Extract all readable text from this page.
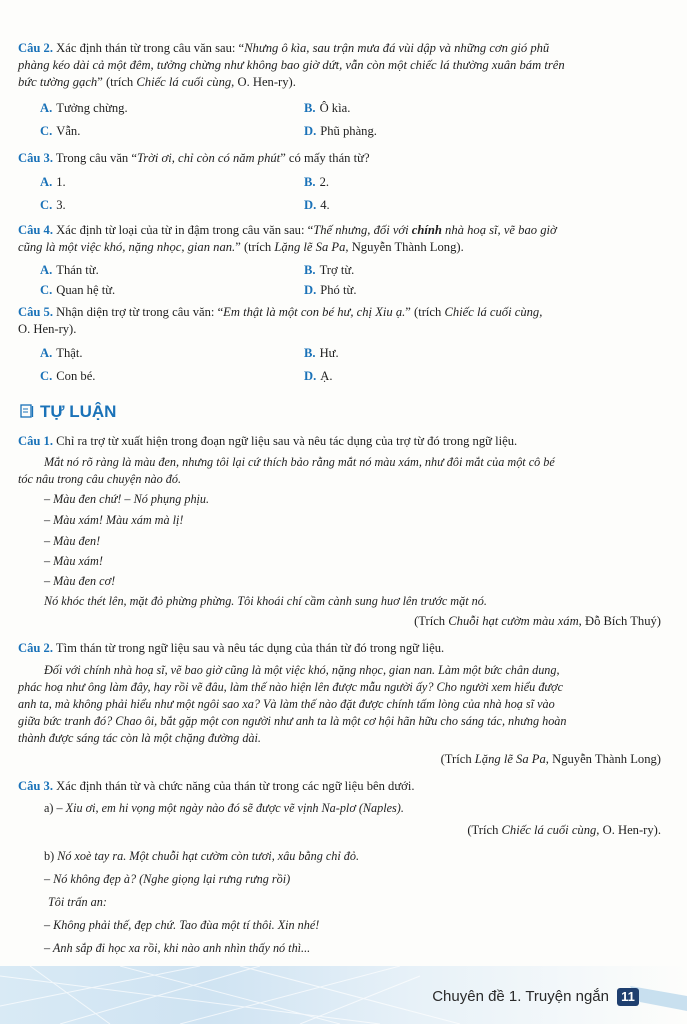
Câu 2. Xác định thán từ trong câu văn sau: “Nhưng ô kìa, sau trận mưa đá vùi dập và những cơn gió phũ
phàng kéo dài cả một đêm, tưởng chừng như không bao giờ dứt, vẫn còn một chiếc lá thường xuân bám trên
bức tường gạch” (trích Chiếc lá cuối cùng, O. Hen-ry).
A. Tưởng chừng.	B. Ô kìa.
C. Vẫn.	D. Phũ phàng.
Câu 3. Trong câu văn “Trời ơi, chỉ còn có năm phút” có mấy thán từ?
A. 1.	B. 2.
C. 3.	D. 4.
Câu 4. Xác định từ loại của từ in đậm trong câu văn sau: “Thế nhưng, đối với chính nhà hoạ sĩ, vẽ bao giờ
cũng là một việc khó, nặng nhọc, gian nan.” (trích Lặng lẽ Sa Pa, Nguyễn Thành Long).
A. Thán từ.	B. Trợ từ.
C. Quan hệ từ.	D. Phó từ.
Câu 5. Nhận diện trợ từ trong câu văn: “Em thật là một con bé hư, chị Xiu ạ.” (trích Chiếc lá cuối cùng,
O. Hen-ry).
A. Thật.	B. Hư.
C. Con bé.	D. Ạ.
TỰ LUẬN
Câu 1. Chỉ ra trợ từ xuất hiện trong đoạn ngữ liệu sau và nêu tác dụng của trợ từ đó trong ngữ liệu.
Mắt nó rõ ràng là màu đen, nhưng tôi lại cứ thích bảo rằng mắt nó màu xám, như đôi mắt của một cô bé
tóc nâu trong câu chuyện nào đó.
– Màu đen chứ! – Nó phụng phịu.
– Màu xám! Màu xám mà lị!
– Màu đen!
– Màu xám!
– Màu đen cơ!
Nó khóc thét lên, mặt đỏ phừng phừng. Tôi khoái chí cầm cành sung huơ lên trước mặt nó.
(Trích Chuỗi hạt cườm màu xám, Đỗ Bích Thuý)
Câu 2. Tìm thán từ trong ngữ liệu sau và nêu tác dụng của thán từ đó trong ngữ liệu.
Đối với chính nhà hoạ sĩ, vẽ bao giờ cũng là một việc khó, nặng nhọc, gian nan. Làm một bức chân dung,
phác hoạ như ông làm đây, hay rồi vẽ đâu, làm thế nào hiện lên được mẫu người ấy? Cho người xem hiểu được
anh ta, mà không phải hiểu như một ngôi sao xa? Và làm thế nào đặt được chính tấm lòng của nhà hoạ sĩ vào
giữa bức tranh đó? Chao ôi, bắt gặp một con người như anh ta là một cơ hội hãn hữu cho sáng tác, nhưng hoàn
thành được sáng tác còn là một chặng đường dài.
(Trích Lặng lẽ Sa Pa, Nguyễn Thành Long)
Câu 3. Xác định thán từ và chức năng của thán từ trong các ngữ liệu bên dưới.
a) – Xiu ơi, em hi vọng một ngày nào đó sẽ được vẽ vịnh Na-plơ (Naples).
(Trích Chiếc lá cuối cùng, O. Hen-ry).
b) Nó xoè tay ra. Một chuỗi hạt cườm còn tươi, xâu bằng chỉ đỏ.
– Nó không đẹp à? (Nghe giọng lại rưng rưng rồi)
Tôi trấn an:
– Không phải thế, đẹp chứ. Tao đùa một tí thôi. Xin nhé!
– Anh sắp đi học xa rồi, khi nào anh nhìn thấy nó thì...
Chuyên đề 1. Truyện ngắn 11
